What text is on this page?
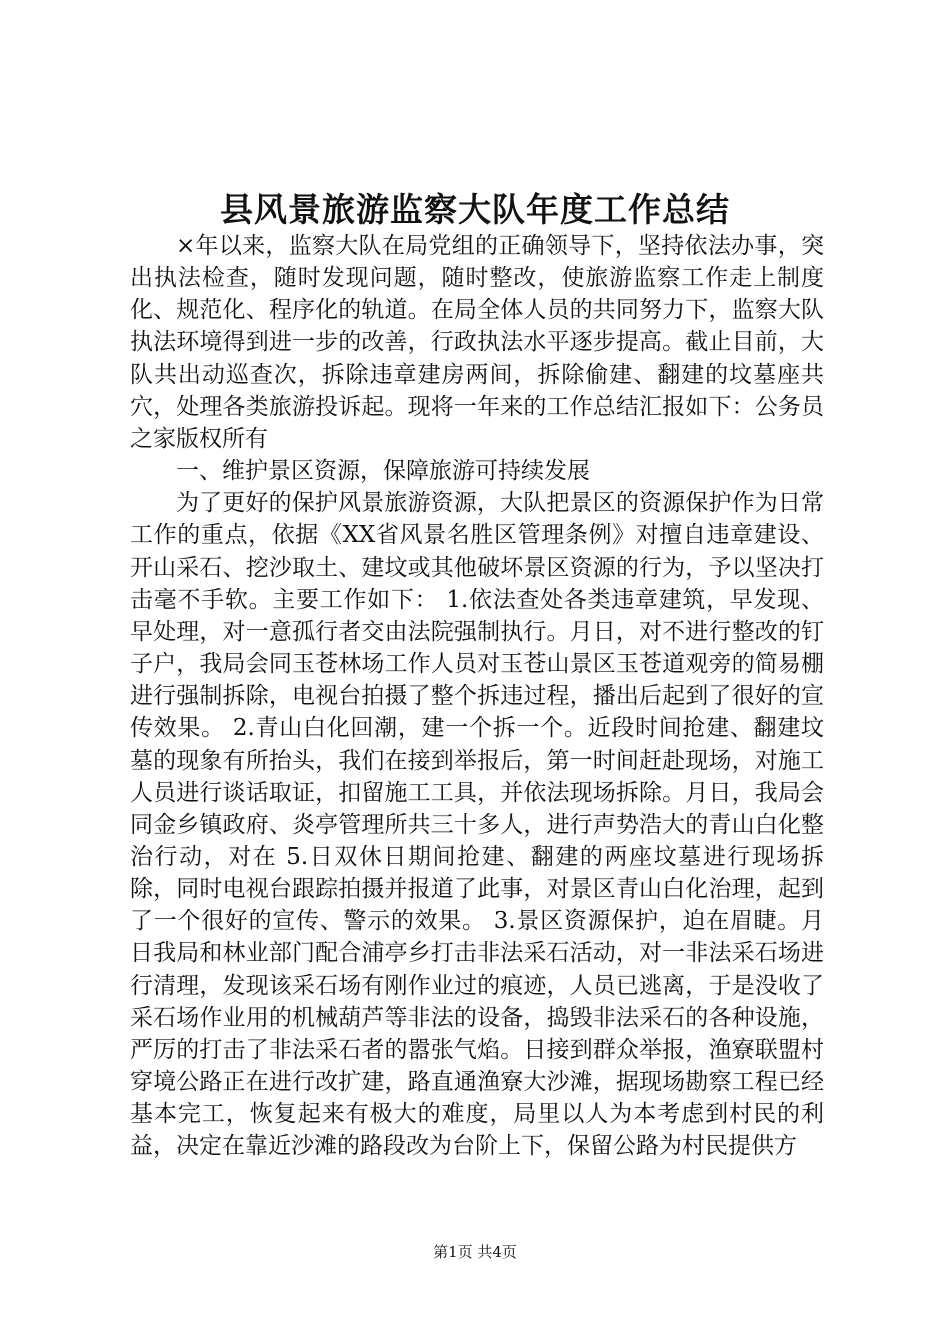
县风景旅游监察大队年度工作总结

×年以来，监察大队在局党组的正确领导下，坚持依法办事，突出执法检查，随时发现问题，随时整改，使旅游监察工作走上制度化、规范化、程序化的轨道。在局全体人员的共同努力下，监察大队执法环境得到进一步的改善，行政执法水平逐步提高。截止目前，大队共出动巡查次，拆除违章建房两间，拆除偷建、翻建的坟墓座共穴，处理各类旅游投诉起。现将一年来的工作总结汇报如下：公务员之家版权所有

一、维护景区资源，保障旅游可持续发展

为了更好的保护风景旅游资源，大队把景区的资源保护作为日常工作的重点，依据《XX省风景名胜区管理条例》对擅自违章建设、开山采石、挖沙取土、建坟或其他破坏景区资源的行为，予以坚决打击毫不手软。主要工作如下： 1.依法查处各类违章建筑，早发现、早处理，对一意孤行者交由法院强制执行。月日，对不进行整改的钉子户，我局会同玉苍林场工作人员对玉苍山景区玉苍道观旁的简易棚进行强制拆除，电视台拍摄了整个拆违过程，播出后起到了很好的宣传效果。 2.青山白化回潮，建一个拆一个。近段时间抢建、翻建坟墓的现象有所抬头，我们在接到举报后，第一时间赶赴现场，对施工人员进行谈话取证，扣留施工工具，并依法现场拆除。月日，我局会同金乡镇政府、炎亭管理所共三十多人，进行声势浩大的青山白化整治行动，对在 5.日双休日期间抢建、翻建的两座坟墓进行现场拆除，同时电视台跟踪拍摄并报道了此事，对景区青山白化治理，起到了一个很好的宣传、警示的效果。 3.景区资源保护，迫在眉睫。月日我局和林业部门配合浦亭乡打击非法采石活动，对一非法采石场进行清理，发现该采石场有刚作业过的痕迹，人员已逃离，于是没收了采石场作业用的机械葫芦等非法的设备，捣毁非法采石的各种设施，严厉的打击了非法采石者的嚣张气焰。日接到群众举报，渔寮联盟村穿境公路正在进行改扩建，路直通渔寮大沙滩，据现场勘察工程已经基本完工，恢复起来有极大的难度，局里以人为本考虑到村民的利益，决定在靠近沙滩的路段改为台阶上下，保留公路为村民提供方

第1页 共4页
